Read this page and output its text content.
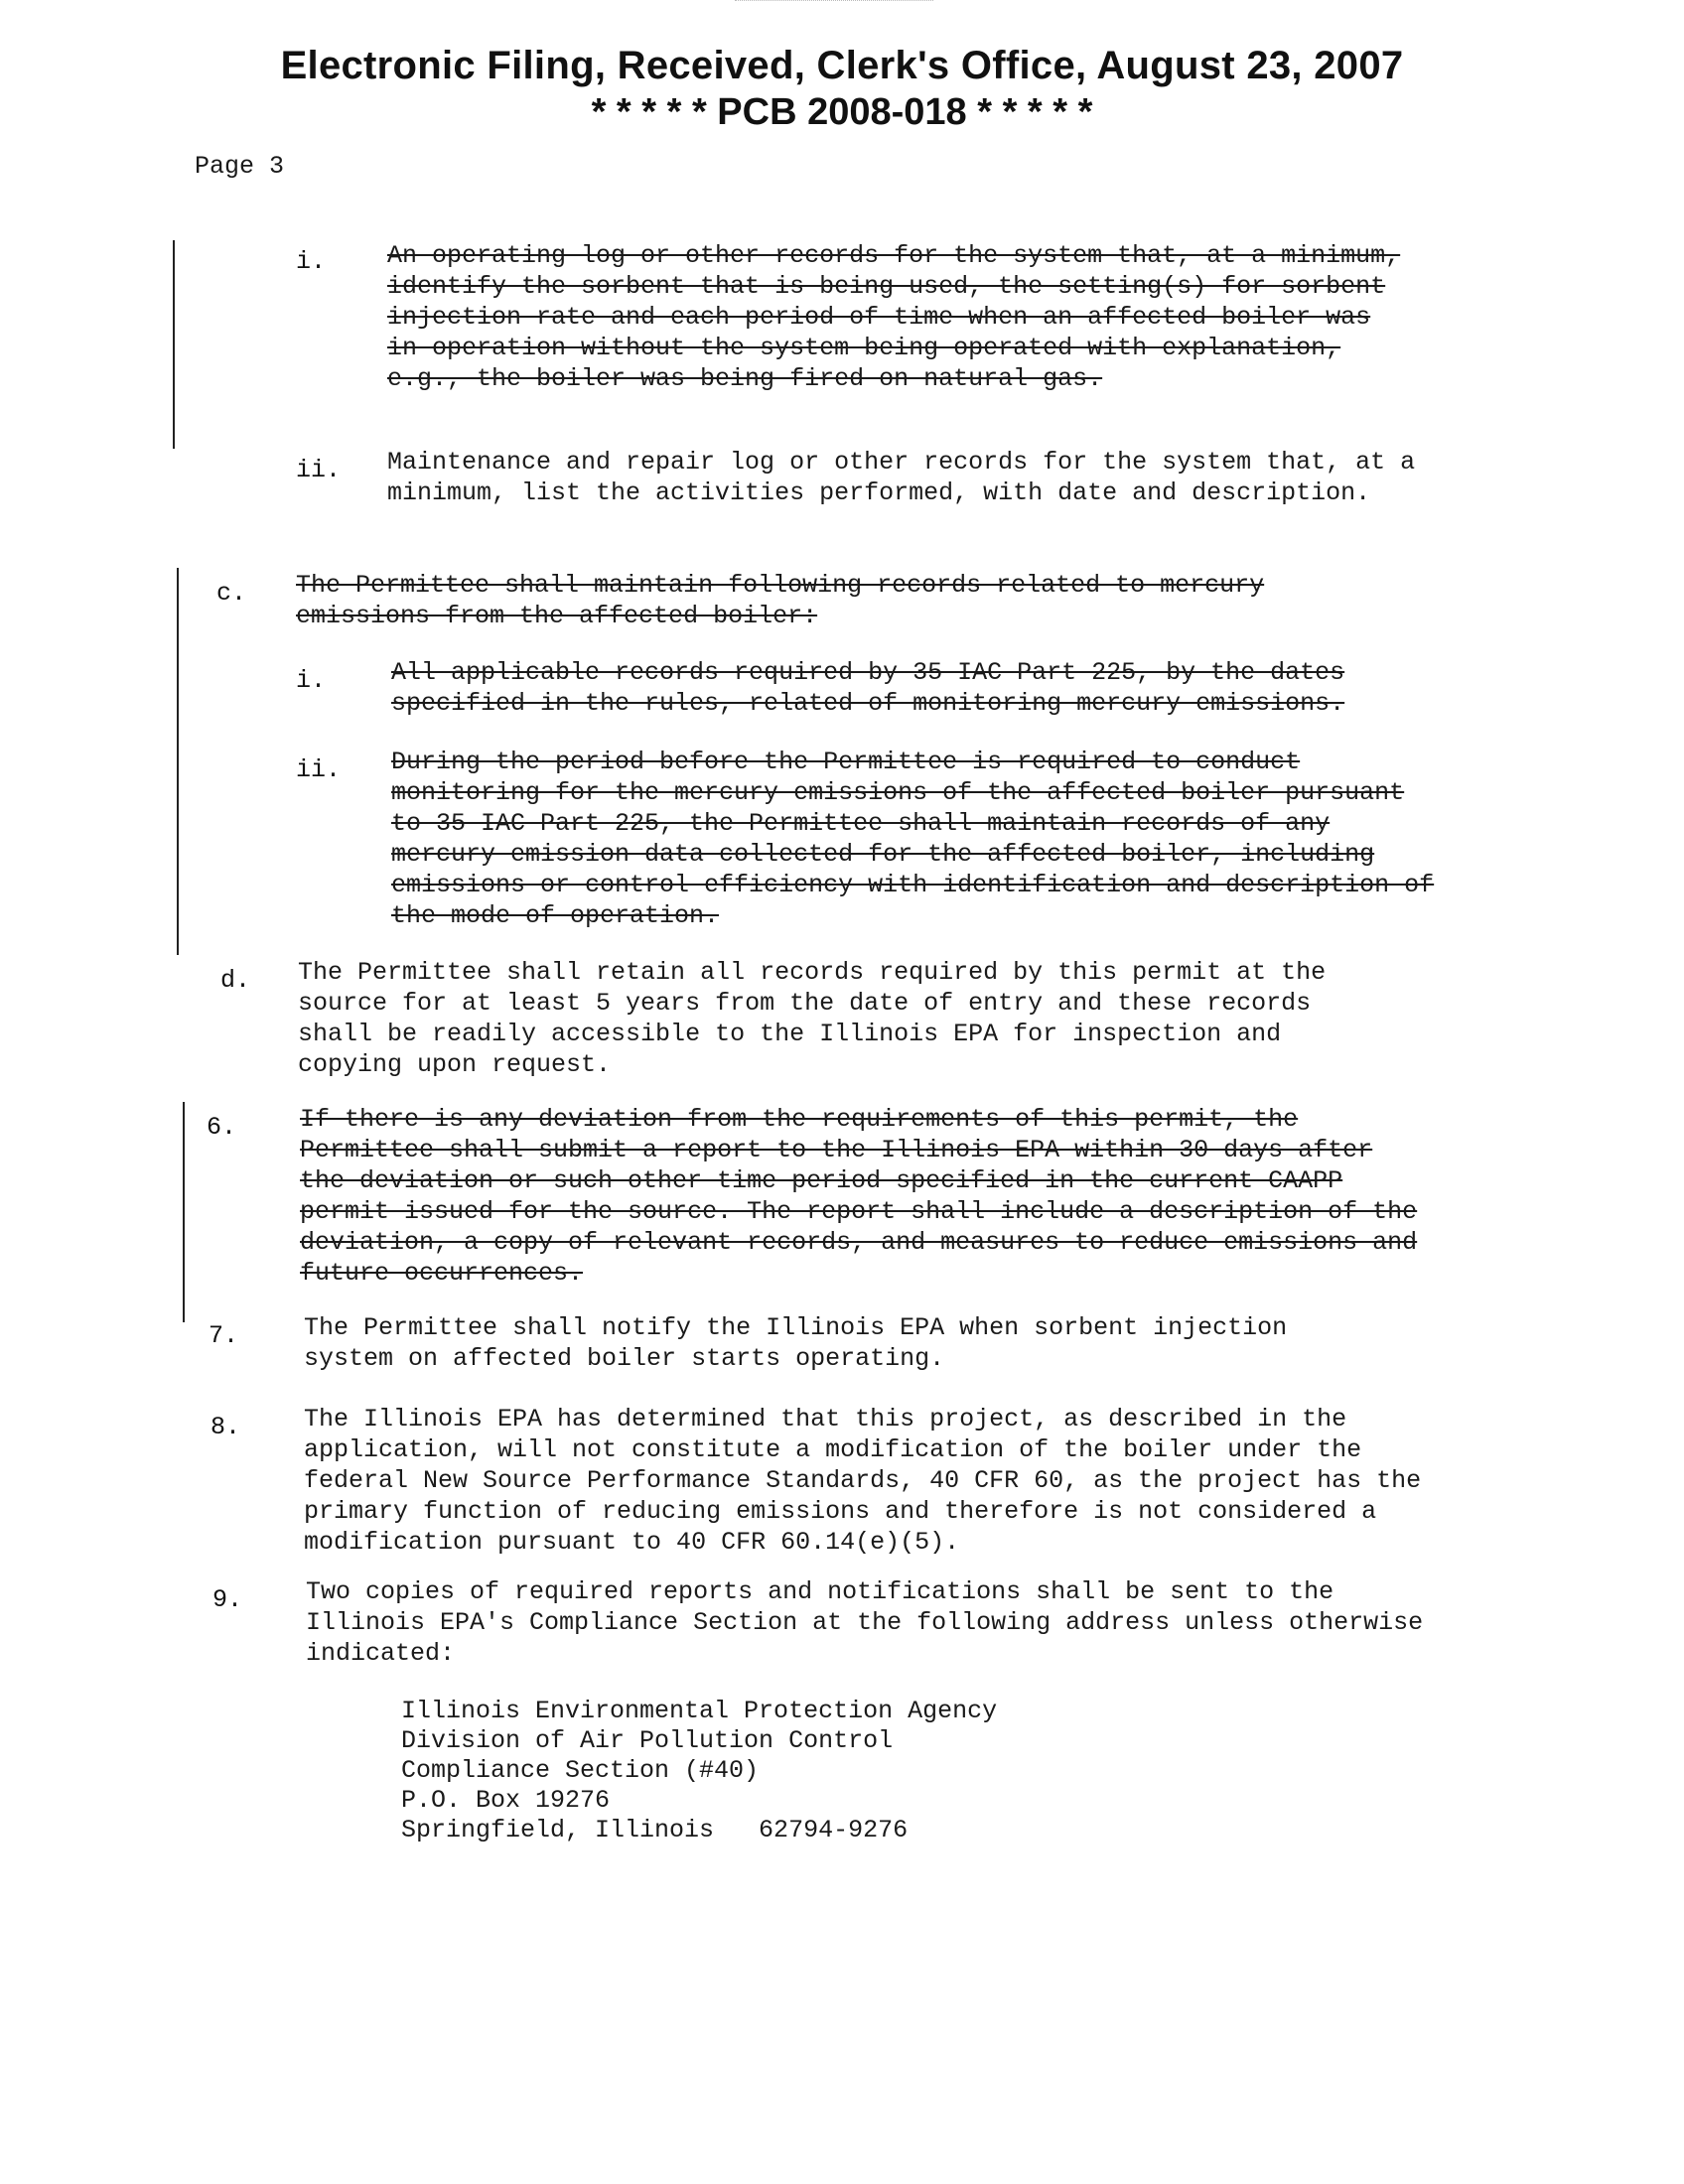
Electronic Filing, Received, Clerk's Office, August 23, 2007
* * * * * PCB 2008-018 * * * * *
Page 3
i. An operating log or other records for the system that, at a minimum, identify the sorbent that is being used, the setting(s) for sorbent injection rate and each period of time when an affected boiler was in operation without the system being operated with explanation, e.g., the boiler was being fired on natural gas.
ii. Maintenance and repair log or other records for the system that, at a minimum, list the activities performed, with date and description.
c. The Permittee shall maintain following records related to mercury emissions from the affected boiler:
i.	All applicable records required by 35 IAC Part 225, by the dates specified in the rules, related of monitoring mercury emissions.
ii. During the period before the Permittee is required to conduct monitoring for the mercury emissions of the affected boiler pursuant to 35 IAC Part 225, the Permittee shall maintain records of any mercury emission data collected for the affected boiler, including emissions or control efficiency with identification and description of the mode of operation.
d. The Permittee shall retain all records required by this permit at the source for at least 5 years from the date of entry and these records shall be readily accessible to the Illinois EPA for inspection and copying upon request.
6.	If there is any deviation from the requirements of this permit, the Permittee shall submit a report to the Illinois EPA within 30 days after the deviation or such other time period specified in the current CAAPP permit issued for the source. The report shall include a description of the deviation, a copy of relevant records, and measures to reduce emissions and future occurrences.
7.	The Permittee shall notify the Illinois EPA when sorbent injection system on affected boiler starts operating.
8.	The Illinois EPA has determined that this project, as described in the application, will not constitute a modification of the boiler under the federal New Source Performance Standards, 40 CFR 60, as the project has the primary function of reducing emissions and therefore is not considered a modification pursuant to 40 CFR 60.14(e)(5).
9.	Two copies of required reports and notifications shall be sent to the Illinois EPA's Compliance Section at the following address unless otherwise indicated:
Illinois Environmental Protection Agency
Division of Air Pollution Control
Compliance Section (#40)
P.O. Box 19276
Springfield, Illinois   62794-9276
